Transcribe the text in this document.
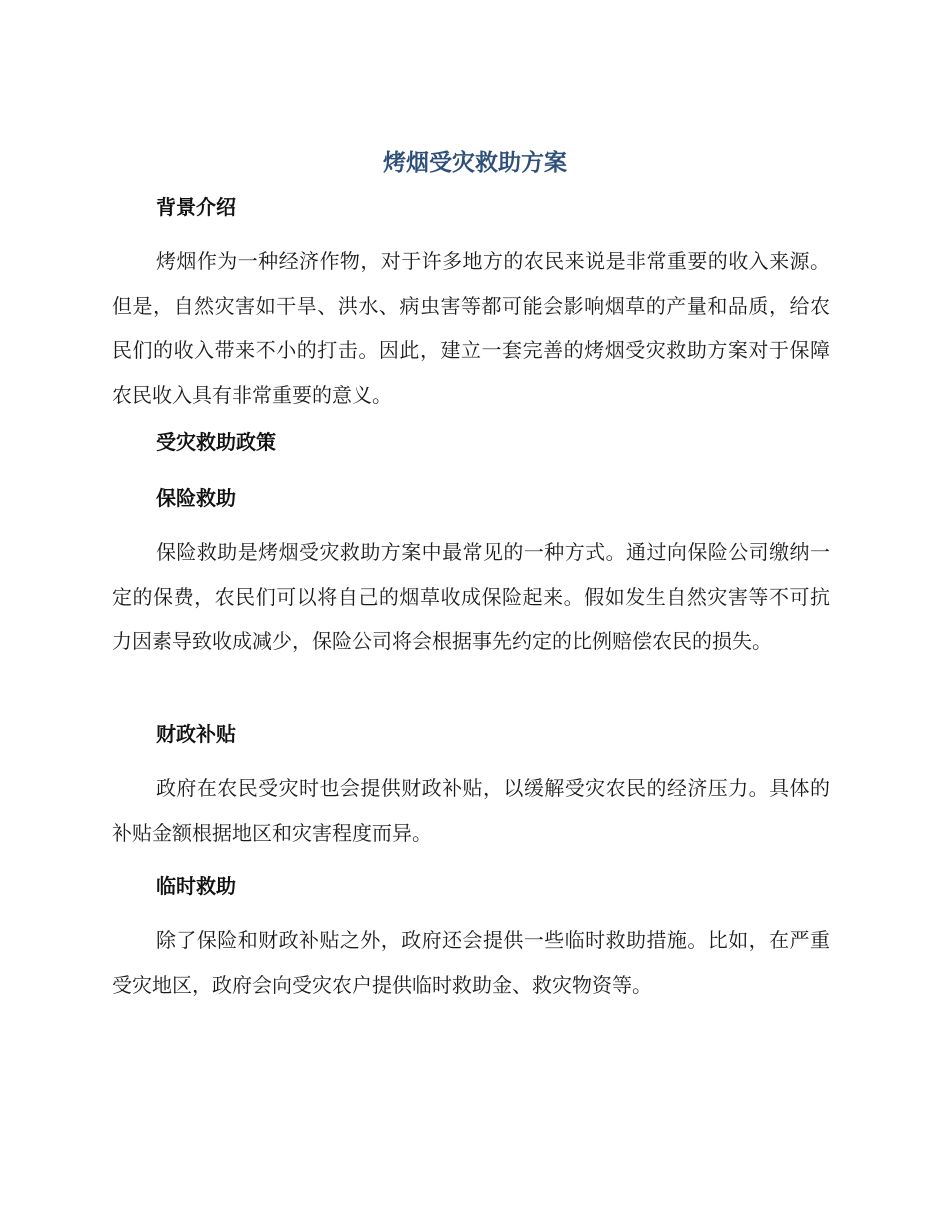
烤烟受灾救助方案
背景介绍

烤烟作为一种经济作物，对于许多地方的农民来说是非常重要的收入来源。但是，自然灾害如干旱、洪水、病虫害等都可能会影响烟草的产量和品质，给农民们的收入带来不小的打击。因此，建立一套完善的烤烟受灾救助方案对于保障农民收入具有非常重要的意义。

受灾救助政策
保险救助

保险救助是烤烟受灾救助方案中最常见的一种方式。通过向保险公司缴纳一定的保费，农民们可以将自己的烟草收成保险起来。假如发生自然灾害等不可抗力因素导致收成减少，保险公司将会根据事先约定的比例赔偿农民的损失。

财政补贴

政府在农民受灾时也会提供财政补贴，以缓解受灾农民的经济压力。具体的补贴金额根据地区和灾害程度而异。

临时救助

除了保险和财政补贴之外，政府还会提供一些临时救助措施。比如，在严重受灾地区，政府会向受灾农户提供临时救助金、救灾物资等。
